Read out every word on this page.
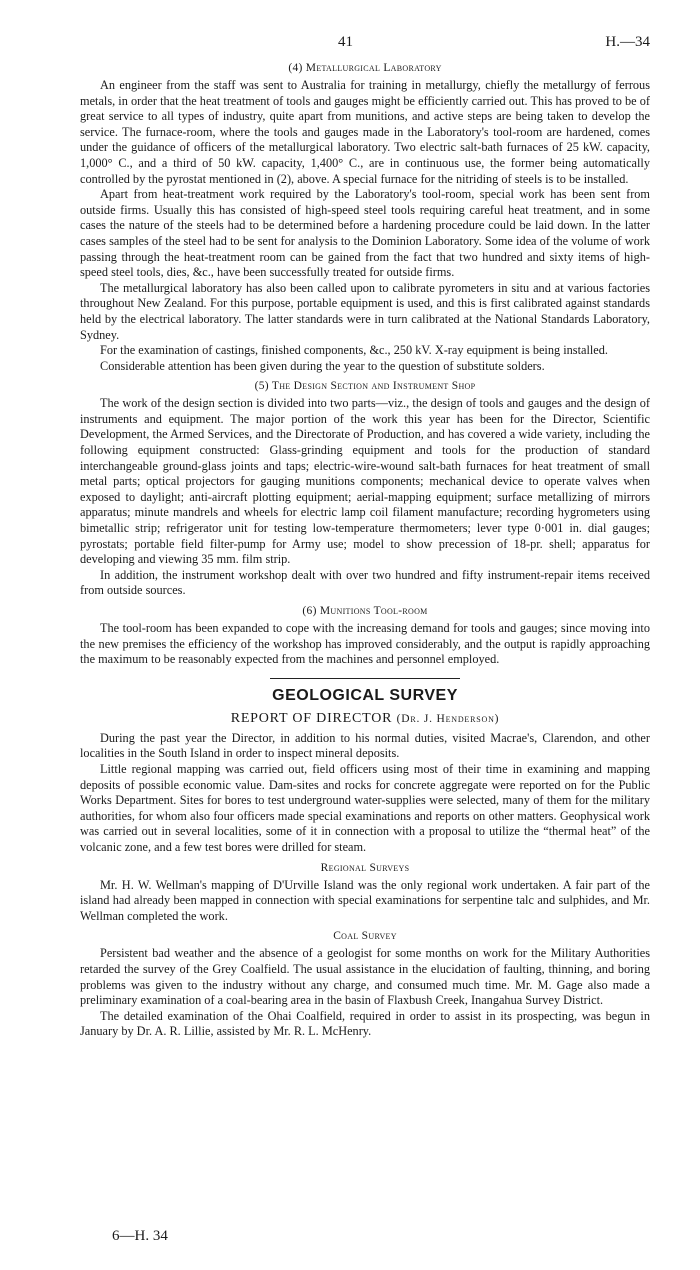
41	H.—34
(4) Metallurgical Laboratory

An engineer from the staff was sent to Australia for training in metallurgy, chiefly the metallurgy of ferrous metals, in order that the heat treatment of tools and gauges might be efficiently carried out. This has proved to be of great service to all types of industry, quite apart from munitions, and active steps are being taken to develop the service. The furnace-room, where the tools and gauges made in the Laboratory's tool-room are hardened, comes under the guidance of officers of the metallurgical laboratory. Two electric salt-bath furnaces of 25 kW. capacity, 1,000° C., and a third of 50 kW. capacity, 1,400° C., are in continuous use, the former being automatically controlled by the pyrostat mentioned in (2), above. A special furnace for the nitriding of steels is to be installed.

Apart from heat-treatment work required by the Laboratory's tool-room, special work has been sent from outside firms. Usually this has consisted of high-speed steel tools requiring careful heat treatment, and in some cases the nature of the steels had to be determined before a hardening procedure could be laid down. In the latter cases samples of the steel had to be sent for analysis to the Dominion Laboratory. Some idea of the volume of work passing through the heat-treatment room can be gained from the fact that two hundred and sixty items of high-speed steel tools, dies, &c., have been successfully treated for outside firms.

The metallurgical laboratory has also been called upon to calibrate pyrometers in situ and at various factories throughout New Zealand. For this purpose, portable equipment is used, and this is first calibrated against standards held by the electrical laboratory. The latter standards were in turn calibrated at the National Standards Laboratory, Sydney.

For the examination of castings, finished components, &c., 250 kV. X-ray equipment is being installed.

Considerable attention has been given during the year to the question of substitute solders.

(5) The Design Section and Instrument Shop

The work of the design section is divided into two parts—viz., the design of tools and gauges and the design of instruments and equipment. The major portion of the work this year has been for the Director, Scientific Development, the Armed Services, and the Directorate of Production, and has covered a wide variety, including the following equipment constructed: Glass-grinding equipment and tools for the production of standard interchangeable ground-glass joints and taps; electric-wire-wound salt-bath furnaces for heat treatment of small metal parts; optical projectors for gauging munitions components; mechanical device to operate valves when exposed to daylight; anti-aircraft plotting equipment; aerial-mapping equipment; surface metallizing of mirrors apparatus; minute mandrels and wheels for electric lamp coil filament manufacture; recording hygrometers using bimetallic strip; refrigerator unit for testing low-temperature thermometers; lever type 0·001 in. dial gauges; pyrostats; portable field filter-pump for Army use; model to show precession of 18-pr. shell; apparatus for developing and viewing 35 mm. film strip.

In addition, the instrument workshop dealt with over two hundred and fifty instrument-repair items received from outside sources.

(6) Munitions Tool-room

The tool-room has been expanded to cope with the increasing demand for tools and gauges; since moving into the new premises the efficiency of the workshop has improved considerably, and the output is rapidly approaching the maximum to be reasonably expected from the machines and personnel employed.

GEOLOGICAL SURVEY
REPORT OF DIRECTOR (Dr. J. Henderson)

During the past year the Director, in addition to his normal duties, visited Macrae's, Clarendon, and other localities in the South Island in order to inspect mineral deposits.

Little regional mapping was carried out, field officers using most of their time in examining and mapping deposits of possible economic value. Dam-sites and rocks for concrete aggregate were reported on for the Public Works Department. Sites for bores to test underground water-supplies were selected, many of them for the military authorities, for whom also four officers made special examinations and reports on other matters. Geophysical work was carried out in several localities, some of it in connection with a proposal to utilize the “thermal heat” of the volcanic zone, and a few test bores were drilled for steam.

Regional Surveys

Mr. H. W. Wellman's mapping of D'Urville Island was the only regional work undertaken. A fair part of the island had already been mapped in connection with special examinations for serpentine talc and sulphides, and Mr. Wellman completed the work.

Coal Survey

Persistent bad weather and the absence of a geologist for some months on work for the Military Authorities retarded the survey of the Grey Coalfield. The usual assistance in the elucidation of faulting, thinning, and boring problems was given to the industry without any charge, and consumed much time. Mr. M. Gage also made a preliminary examination of a coal-bearing area in the basin of Flaxbush Creek, Inangahua Survey District.

The detailed examination of the Ohai Coalfield, required in order to assist in its prospecting, was begun in January by Dr. A. R. Lillie, assisted by Mr. R. L. McHenry.

6—H. 34
